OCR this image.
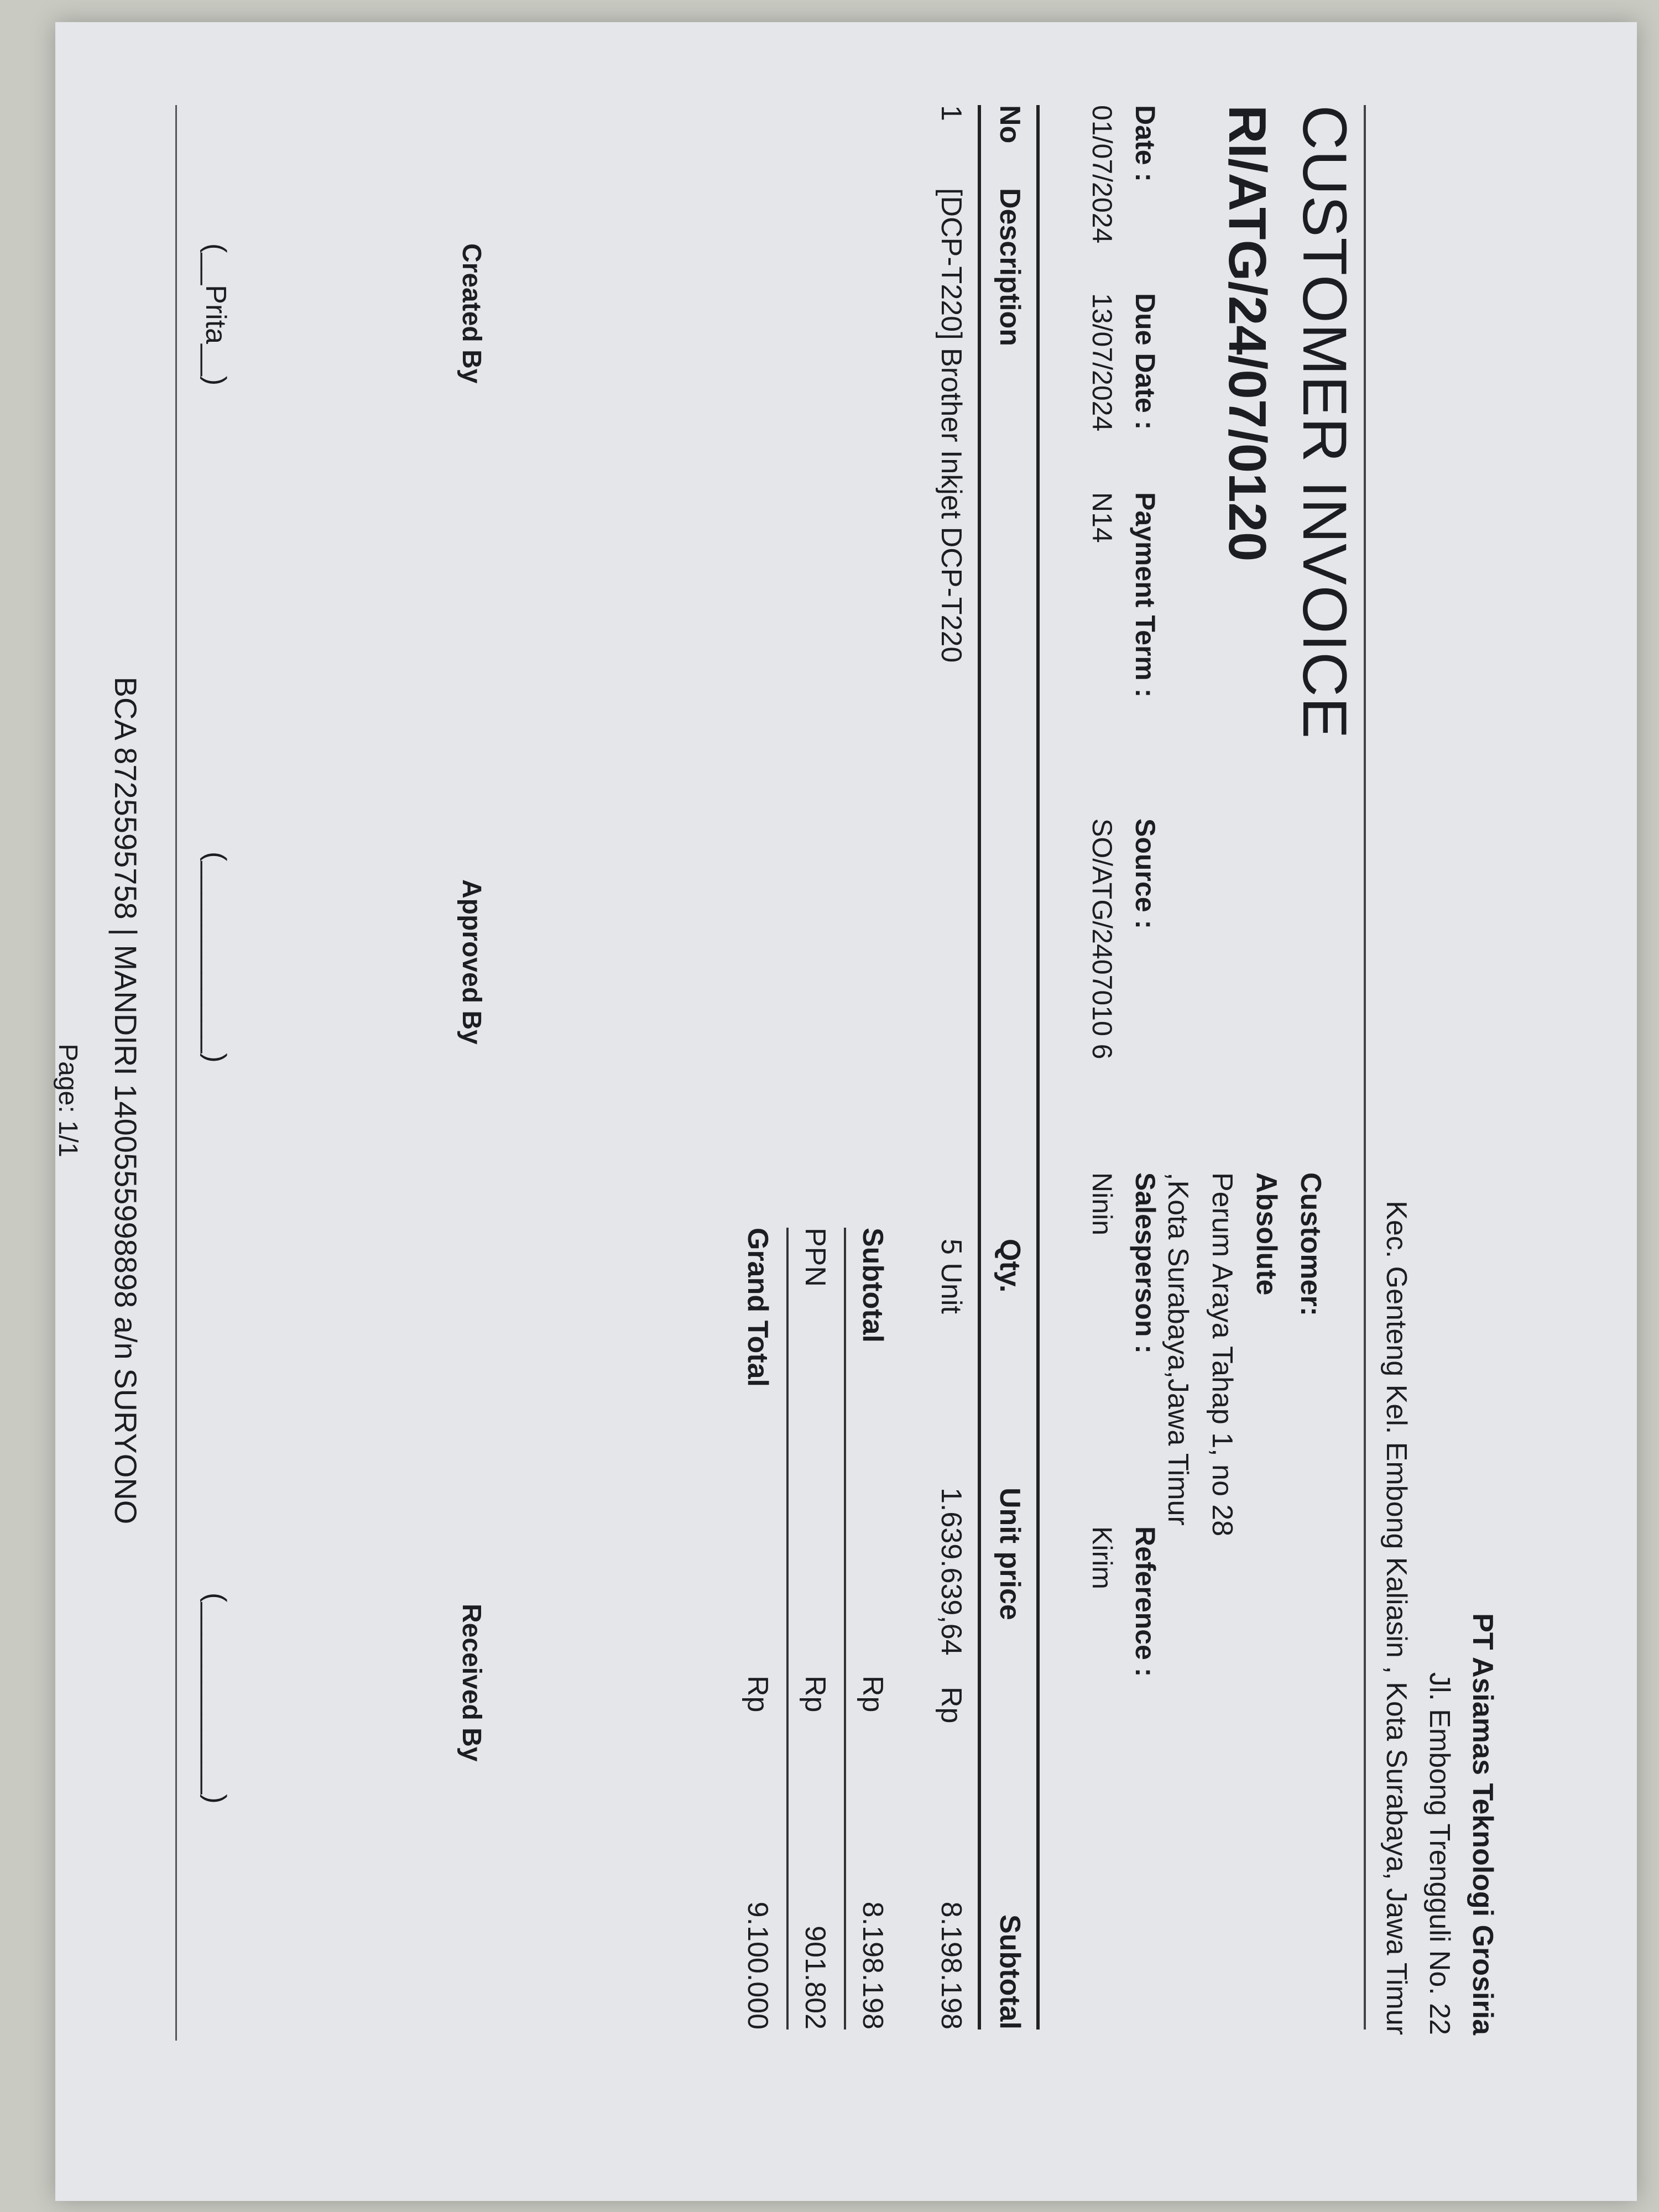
PT Asiamas Teknologi Grosiria
Jl. Embong Trengguli No. 22
Kec. Genteng Kel. Embong Kaliasin , Kota Surabaya, Jawa Timur
CUSTOMER INVOICE
RI/ATG/24/07/0120
Customer:
Absolute
Perum Araya Tahap 1, no 28
,Kota Surabaya,Jawa Timur
Date :
01/07/2024
Due Date :
13/07/2024
Payment Term :
N14
Source :
SO/ATG/2407010 6
Salesperson :
Ninin
Reference :
Kirim
No
Description
Qty.
Unit price
Subtotal
1
[DCP-T220] Brother Inkjet DCP-T220
5 Unit
1.639.639,64
Rp
8.198.198
Subtotal
Rp
8.198.198
PPN
Rp
901.802
Grand Total
Rp
9.100.000
Created By
Approved By
Received By
(__Prita__)
(____________)
(____________)
BCA 8725595758 | MANDIRI 1400555998898 a/n SURYONO
Page: 1/1
